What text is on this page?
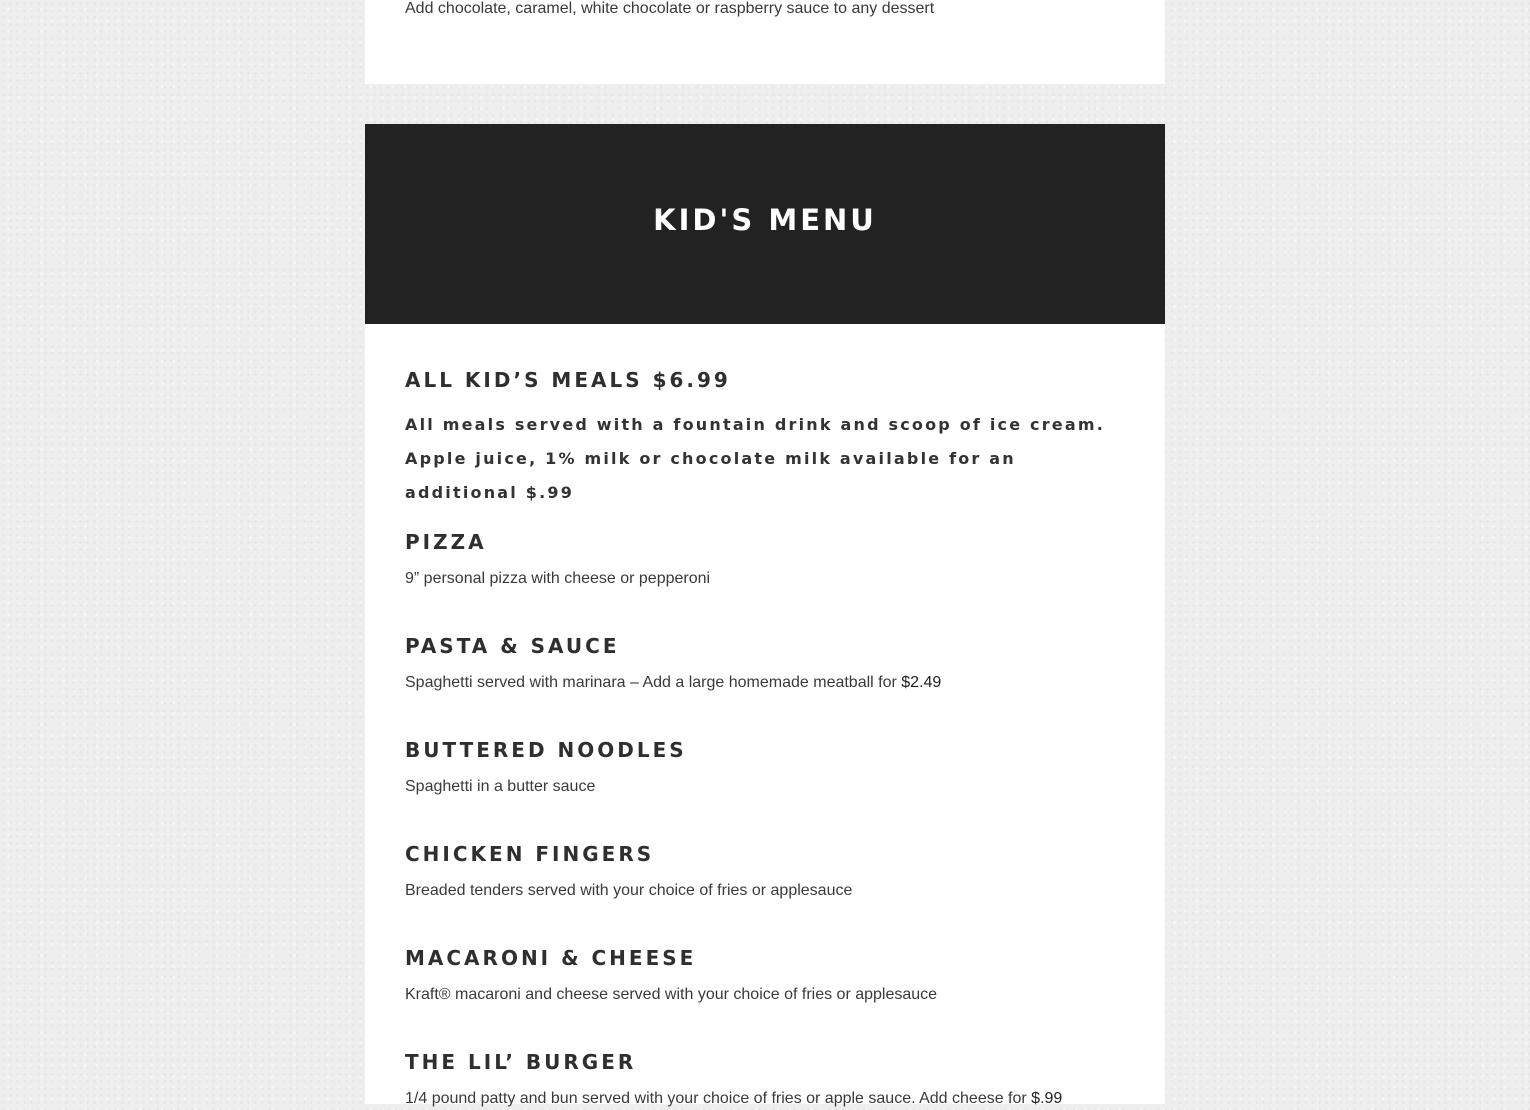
Add chocolate, caramel, white chocolate or raspberry sauce to any dessert
KID'S MENU
ALL KID’S MEALS $6.99

All meals served with a fountain drink and scoop of ice cream. Apple juice, 1% milk or chocolate milk available for an additional $.99

PIZZA

9” personal pizza with cheese or pepperoni

PASTA & SAUCE

Spaghetti served with marinara – Add a large homemade meatball for $2.49

BUTTERED NOODLES

Spaghetti in a butter sauce

CHICKEN FINGERS

Breaded tenders served with your choice of fries or applesauce

MACARONI & CHEESE

Kraft® macaroni and cheese served with your choice of fries or applesauce

THE LIL’ BURGER

1/4 pound patty and bun served with your choice of fries or apple sauce. Add cheese for $.99
